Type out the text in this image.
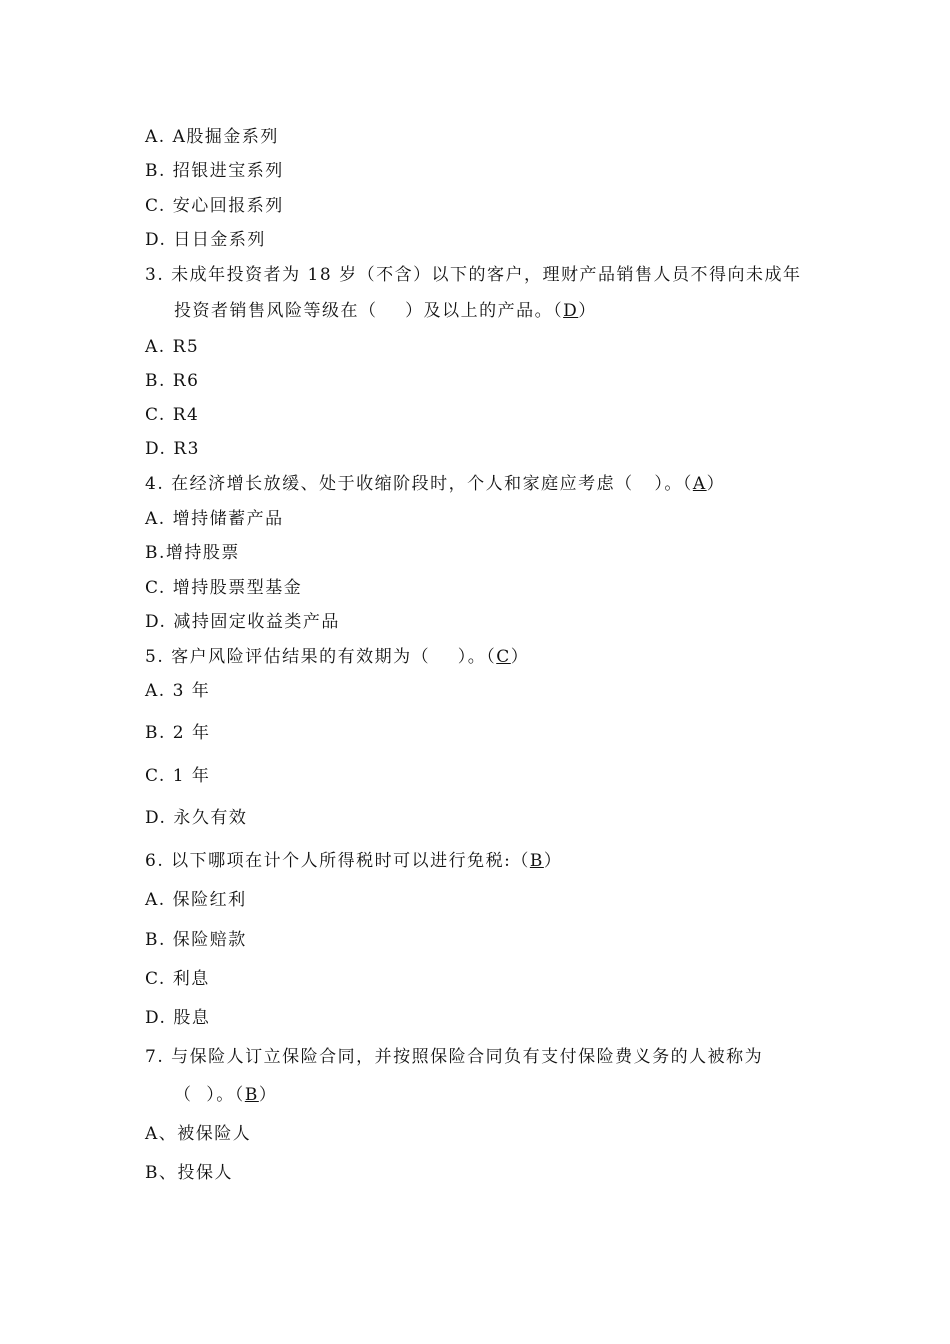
A. A股掘金系列
B. 招银进宝系列
C. 安心回报系列
D. 日日金系列
3. 未成年投资者为 18 岁（不含）以下的客户，理财产品销售人员不得向未成年
投资者销售风险等级在（    ）及以上的产品。（D）
A. R5
B. R6
C. R4
D. R3
4. 在经济增长放缓、处于收缩阶段时，个人和家庭应考虑（   ）。（A）
A. 增持储蓄产品
B.增持股票
C. 增持股票型基金
D. 减持固定收益类产品
5. 客户风险评估结果的有效期为（    ）。（C）
A. 3 年
B. 2 年
C. 1 年
D. 永久有效
6. 以下哪项在计个人所得税时可以进行免税:（B）
A. 保险红利
B. 保险赔款
C. 利息
D. 股息
7. 与保险人订立保险合同，并按照保险合同负有支付保险费义务的人被称为
（  ）。（B）
A、被保险人
B、投保人
